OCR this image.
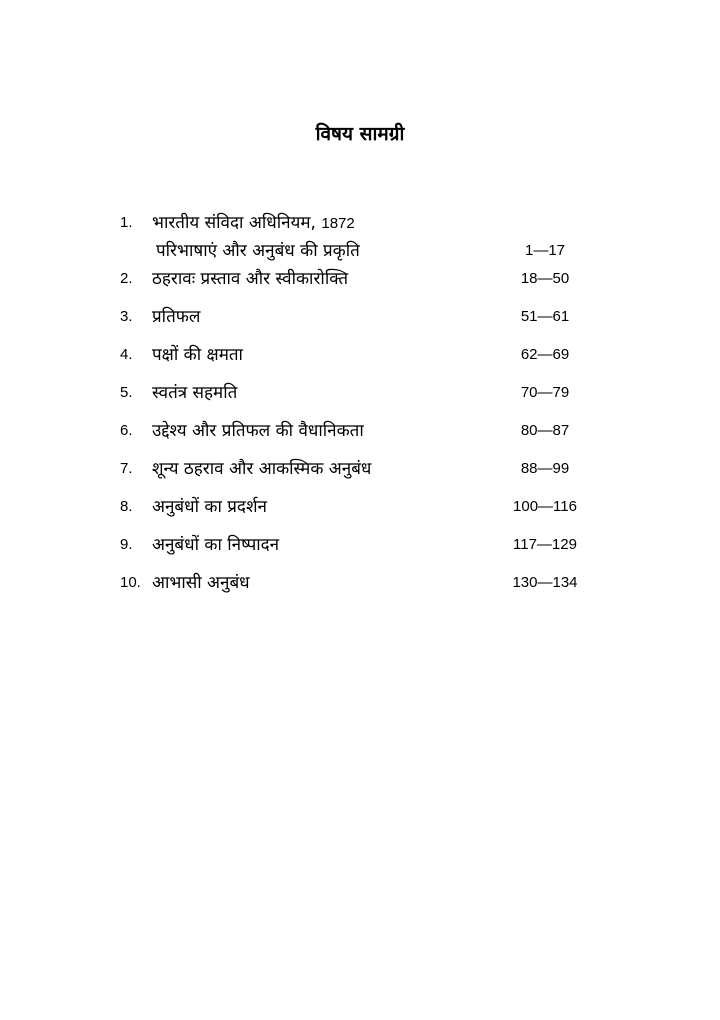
विषय सामग्री
1. भारतीय संविदा अधिनियम, 1872
परिभाषाएं और अनुबंध की प्रकृति	1—17
2. ठहरावः प्रस्ताव और स्वीकारोक्ति	18—50
3. प्रतिफल	51—61
4. पक्षों की क्षमता	62—69
5. स्वतंत्र सहमति	70—79
6. उद्देश्य और प्रतिफल की वैधानिकता	80—87
7. शून्य ठहराव और आकस्मिक अनुबंध	88—99
8. अनुबंधों का प्रदर्शन	100—116
9. अनुबंधों का निष्पादन	117—129
10. आभासी अनुबंध	130—134
